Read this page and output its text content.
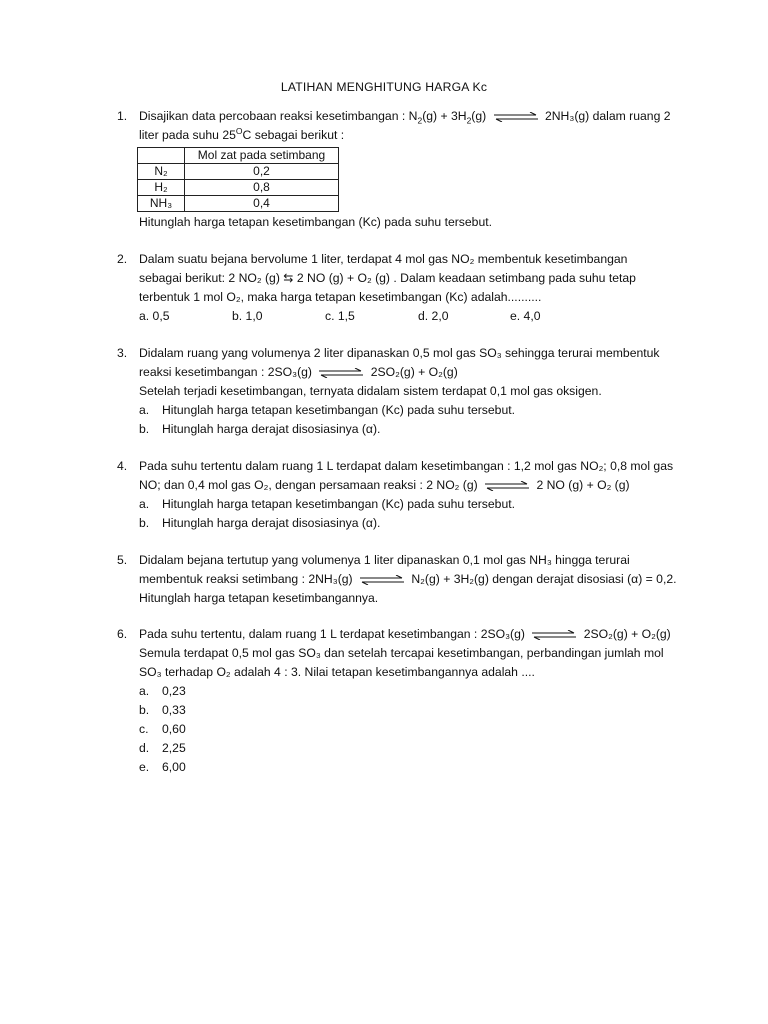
LATIHAN MENGHITUNG HARGA Kc
1. Disajikan data percobaan reaksi kesetimbangan : $N_2(g) + 3H_2(g)$ ⇌ 2NH₃(g) dalam ruang 2
liter pada suhu $25^OC$ sebagai berikut :
	Mol zat pada setimbang
N₂	0,2
H₂	0,8
NH₃	0,4
Hitunglah harga tetapan kesetimbangan (Kc) pada suhu tersebut.
2. Dalam suatu bejana bervolume 1 liter, terdapat 4 mol gas NO₂ membentuk kesetimbangan
sebagai berikut: 2 NO₂ (g) ⇆ 2 NO (g) + O₂ (g) . Dalam keadaan setimbang pada suhu tetap
terbentuk 1 mol O₂, maka harga tetapan kesetimbangan (Kc) adalah..........
a. 0,5	b. 1,0	c. 1,5	d. 2,0	e. 4,0
3. Didalam ruang yang volumenya 2 liter dipanaskan 0,5 mol gas SO₃ sehingga terurai membentuk
reaksi kesetimbangan : 2SO₃(g) ⇌ 2SO₂(g) + O₂(g)
Setelah terjadi kesetimbangan, ternyata didalam sistem terdapat 0,1 mol gas oksigen.
a. Hitunglah harga tetapan kesetimbangan (Kc) pada suhu tersebut.
b. Hitunglah harga derajat disosiasinya (α).
4. Pada suhu tertentu dalam ruang 1 L terdapat dalam kesetimbangan : 1,2 mol gas NO₂; 0,8 mol gas
NO; dan 0,4 mol gas O₂, dengan persamaan reaksi : 2 NO₂ (g) ⇌ 2 NO (g) + O₂ (g)
a. Hitunglah harga tetapan kesetimbangan (Kc) pada suhu tersebut.
b. Hitunglah harga derajat disosiasinya (α).
5. Didalam bejana tertutup yang volumenya 1 liter dipanaskan 0,1 mol gas NH₃ hingga terurai
membentuk reaksi setimbang : 2NH₃(g) ⇌ N₂(g) + 3H₂(g) dengan derajat disosiasi (α) = 0,2.
Hitunglah harga tetapan kesetimbangannya.
6. Pada suhu tertentu, dalam ruang 1 L terdapat kesetimbangan : 2SO₃(g) ⇌ 2SO₂(g) + O₂(g)
Semula terdapat 0,5 mol gas SO₃ dan setelah tercapai kesetimbangan, perbandingan jumlah mol
SO₃ terhadap O₂ adalah 4 : 3. Nilai tetapan kesetimbangannya adalah ....
a. 0,23
b. 0,33
c. 0,60
d. 2,25
e. 6,00
